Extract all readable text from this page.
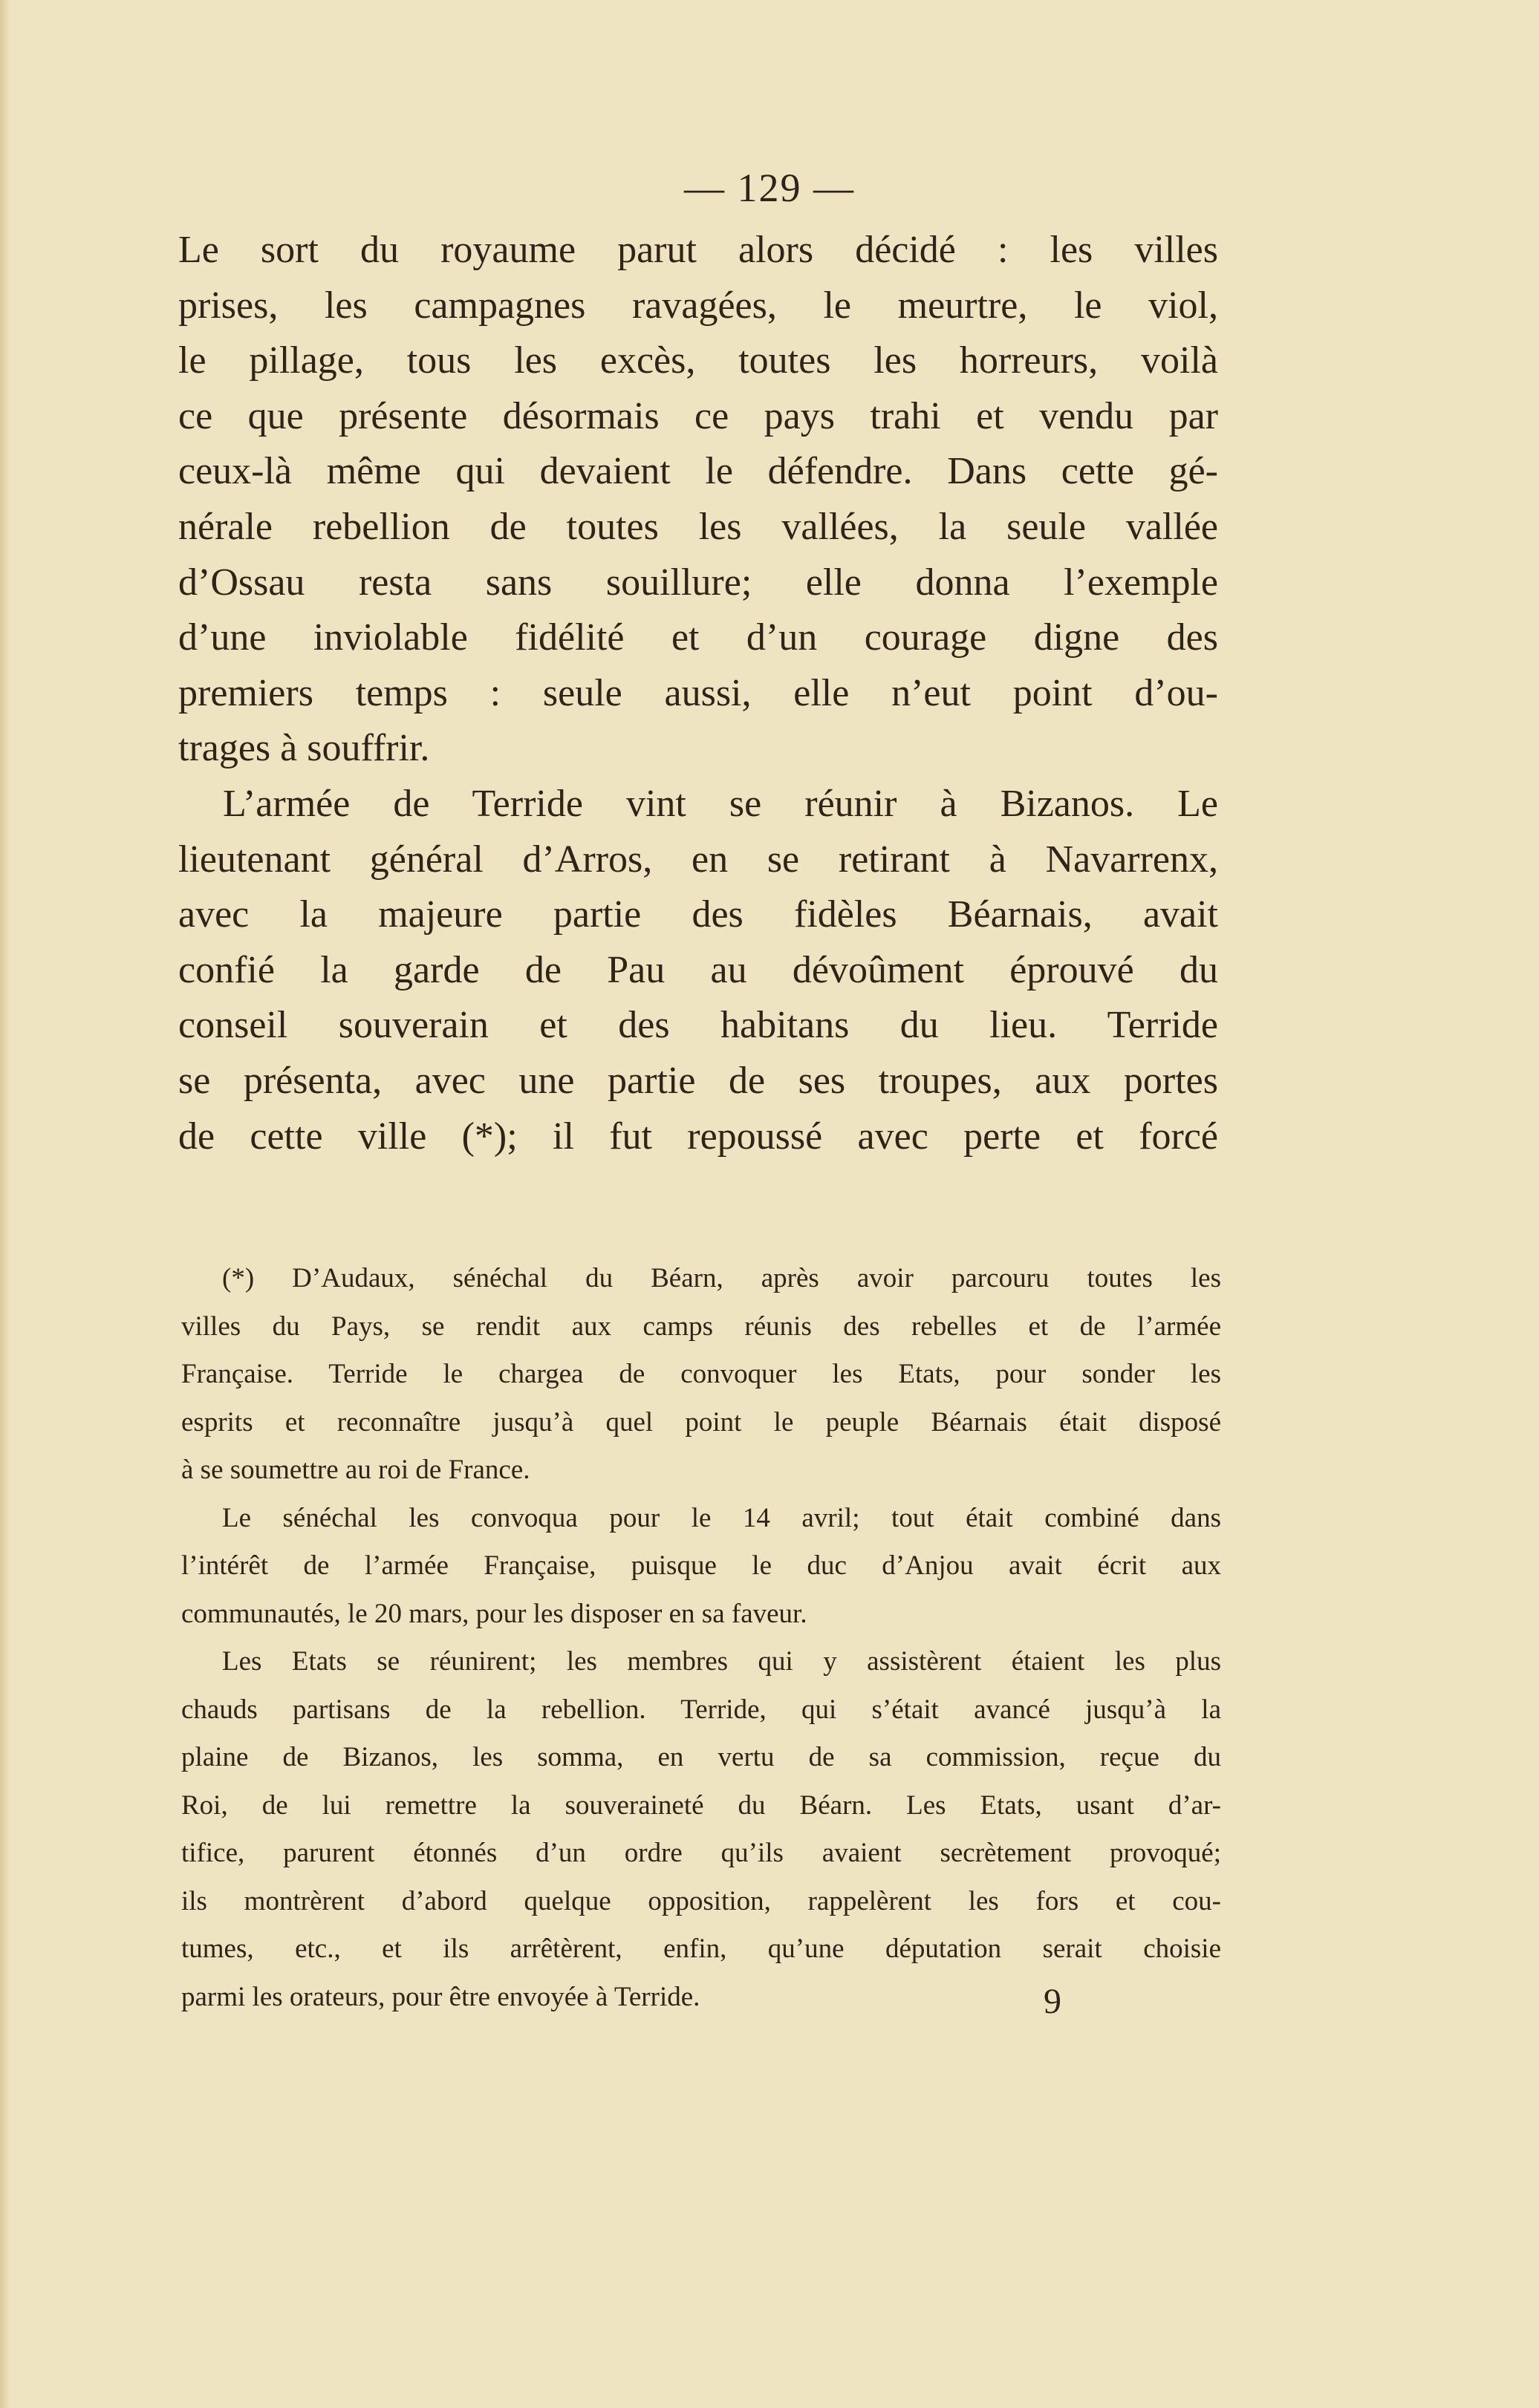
— 129 —
Le sort du royaume parut alors décidé : les villes
prises, les campagnes ravagées, le meurtre, le viol,
le pillage, tous les excès, toutes les horreurs, voilà
ce que présente désormais ce pays trahi et vendu par
ceux-là même qui devaient le défendre. Dans cette gé-
nérale rebellion de toutes les vallées, la seule vallée
d’Ossau resta sans souillure; elle donna l’exemple
d’une inviolable fidélité et d’un courage digne des
premiers temps : seule aussi, elle n’eut point d’ou-
trages à souffrir.
L’armée de Terride vint se réunir à Bizanos. Le
lieutenant général d’Arros, en se retirant à Navarrenx,
avec la majeure partie des fidèles Béarnais, avait
confié la garde de Pau au dévoûment éprouvé du
conseil souverain et des habitans du lieu. Terride
se présenta, avec une partie de ses troupes, aux portes
de cette ville (*); il fut repoussé avec perte et forcé
(*) D’Audaux, sénéchal du Béarn, après avoir parcouru toutes les
villes du Pays, se rendit aux camps réunis des rebelles et de l’armée
Française. Terride le chargea de convoquer les Etats, pour sonder les
esprits et reconnaître jusqu’à quel point le peuple Béarnais était disposé
à se soumettre au roi de France.
Le sénéchal les convoqua pour le 14 avril; tout était combiné dans
l’intérêt de l’armée Française, puisque le duc d’Anjou avait écrit aux
communautés, le 20 mars, pour les disposer en sa faveur.
Les Etats se réunirent; les membres qui y assistèrent étaient les plus
chauds partisans de la rebellion. Terride, qui s’était avancé jusqu’à la
plaine de Bizanos, les somma, en vertu de sa commission, reçue du
Roi, de lui remettre la souveraineté du Béarn. Les Etats, usant d’ar-
tifice, parurent étonnés d’un ordre qu’ils avaient secrètement provoqué;
ils montrèrent d’abord quelque opposition, rappelèrent les fors et cou-
tumes, etc., et ils arrêtèrent, enfin, qu’une députation serait choisie
parmi les orateurs, pour être envoyée à Terride.	9
